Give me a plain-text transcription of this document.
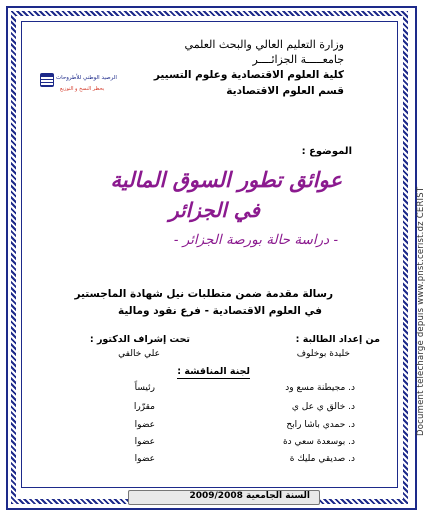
وزارة التعليم العالي والبحث العلمي
جامعـــــة الجزائــــر
كلية العلوم الاقتصادية وعلوم التسيير
قسم العلوم الاقتصادية
الرصيد الوطني للأطروحات
يحظر النسخ و التوزيع
الموضوع :
عوائق تطور السوق المالية
في الجزائر
- دراسة حالة بورصة الجزائر -
رسالة مقدمة ضمن متطلبات نيل شهادة الماجستير
في العلوم الاقتصادية - فرع نقود ومالية
من إعداد الطالبة :
خليدة بوخلوف
تحت إشراف الدكتور :
علي خالفي
لجنة المناقشة :
د. مجيطنة مسع ود
رئيساً
د. خالق ي عل ي
مقرّرا
د. حمدي باشا رابح
عضوا
د. بوسعدة سعي دة
عضوا
د. صديقي مليك ة
عضوا
السنة الجامعية 2009/2008
Document téléchargé depuis www.pnst.cerist.dz CERIST
